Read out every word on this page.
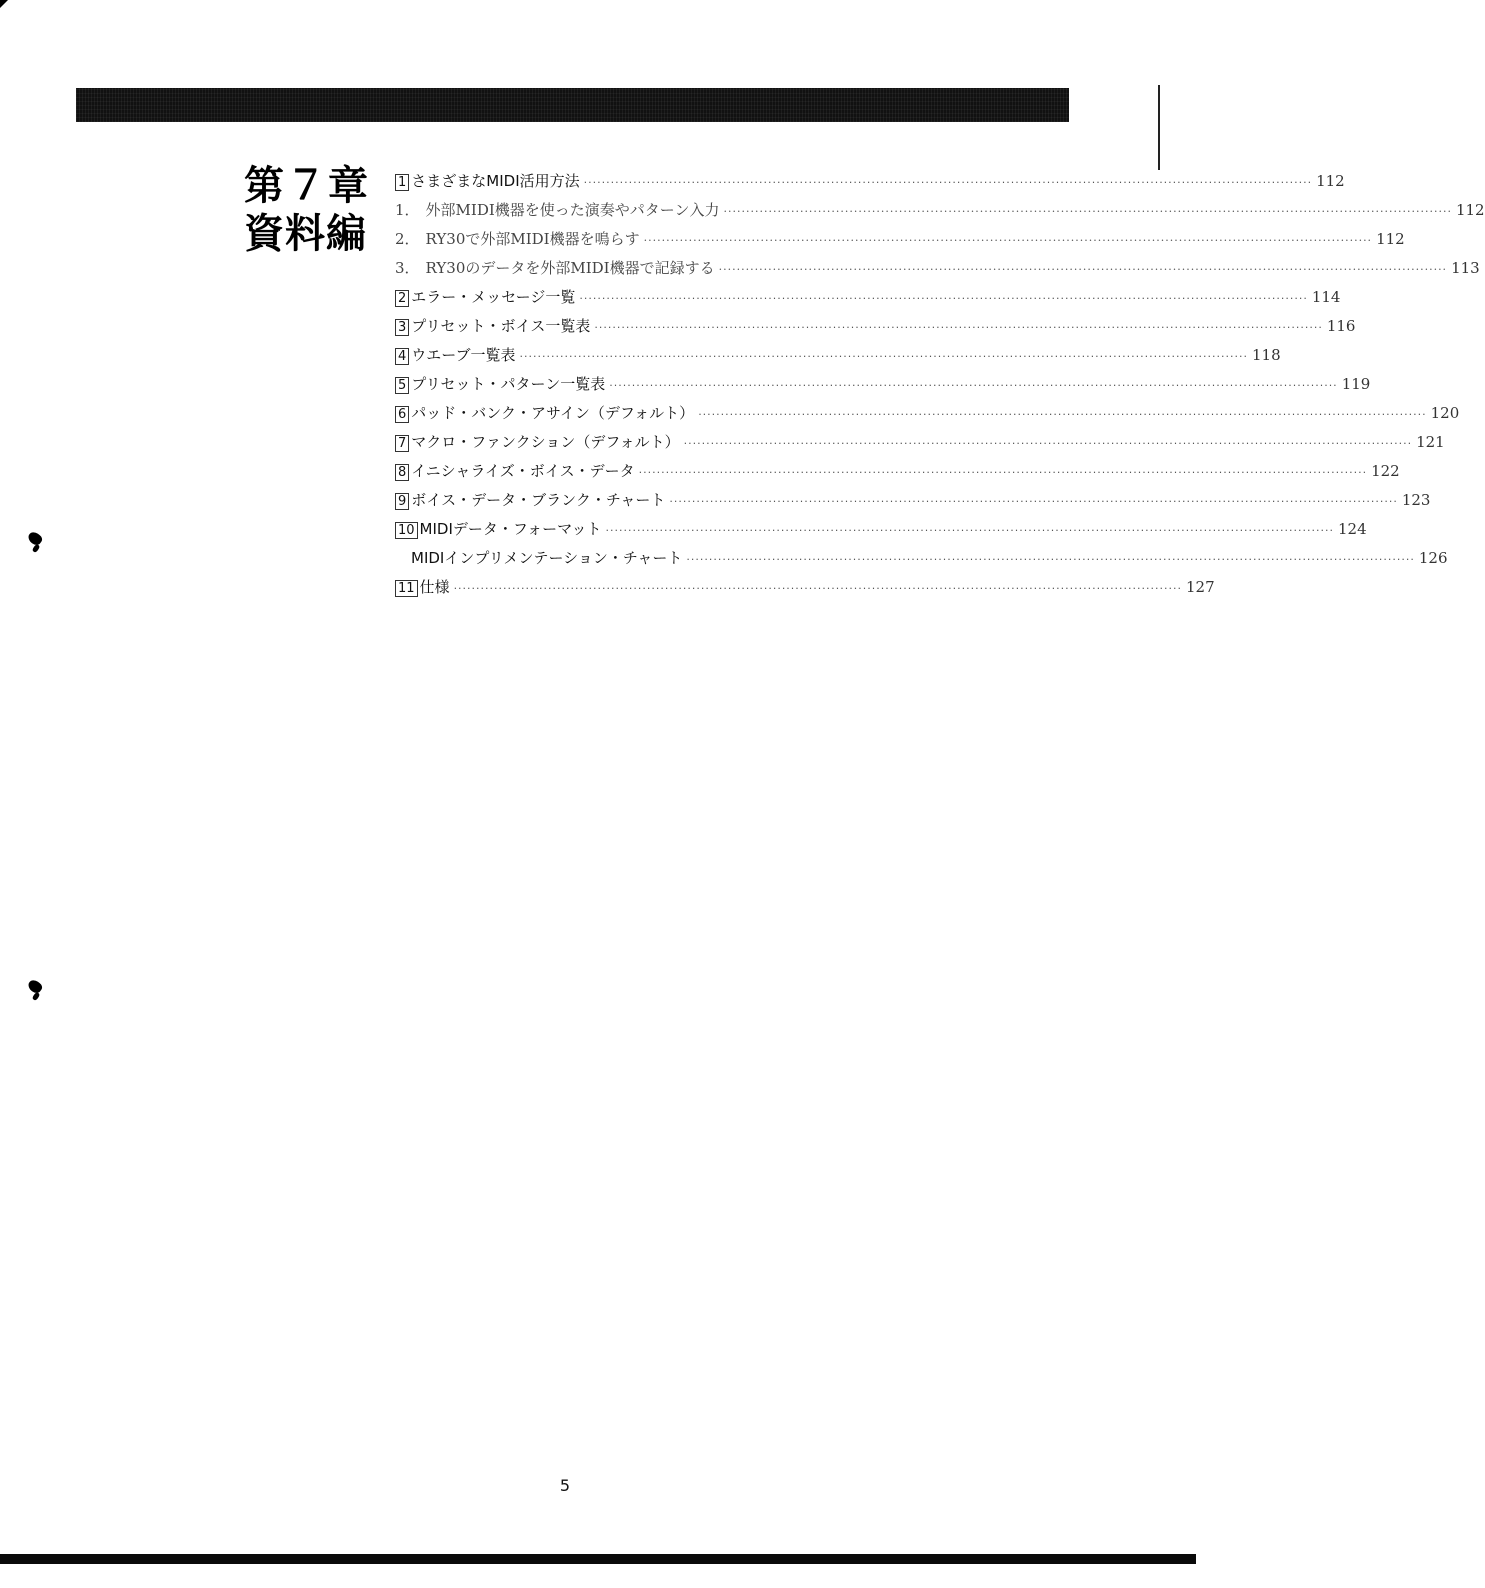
第７章
資料編
1 さまざまなMIDI活用方法 ·································································································································································· 112
1． 外部MIDI機器を使った演奏やパターン入力 ·································································································································································· 112
2． RY30で外部MIDI機器を鳴らす ·································································································································································· 112
3． RY30のデータを外部MIDI機器で記録する ·································································································································································· 113
2 エラー・メッセージ一覧 ·································································································································································· 114
3 プリセット・ボイス一覧表 ·································································································································································· 116
4 ウエーブ一覧表 ·································································································································································· 118
5 プリセット・パターン一覧表 ·································································································································································· 119
6 パッド・バンク・アサイン（デフォルト） ·································································································································································· 120
7 マクロ・ファンクション（デフォルト） ·································································································································································· 121
8 イニシャライズ・ボイス・データ ·································································································································································· 122
9 ボイス・データ・ブランク・チャート ·································································································································································· 123
10 MIDIデータ・フォーマット ·································································································································································· 124
MIDIインプリメンテーション・チャート ·································································································································································· 126
11 仕様 ·································································································································································· 127
5
